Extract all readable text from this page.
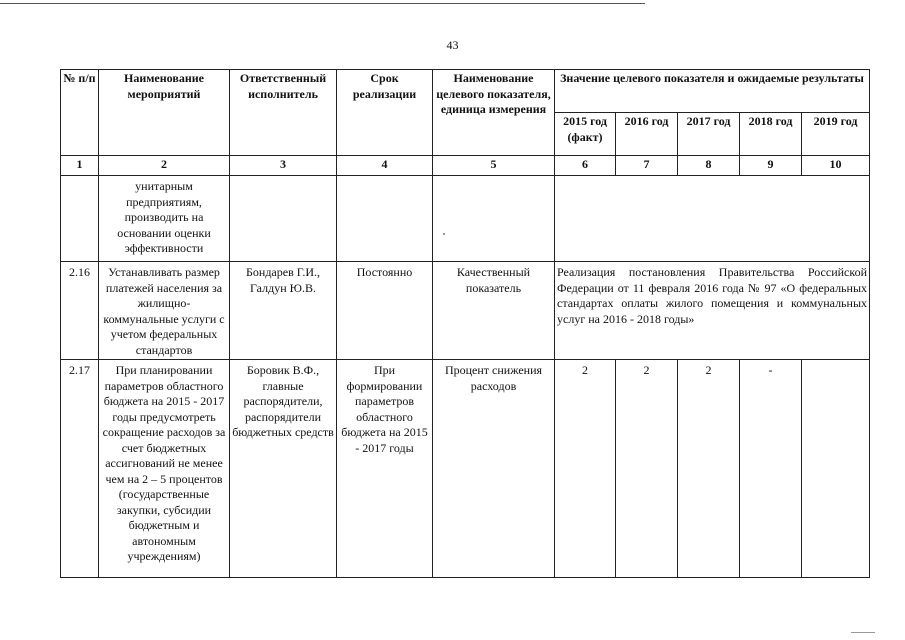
43
№ п/п	Наименование мероприятий	Ответственный исполнитель	Срок реализации	Наименование целевого показателя, единица измерения	Значение целевого показателя и ожидаемые результаты				
					2015 год (факт)	2016 год	2017 год	2018 год	2019 год
1	2	3	4	5	6	7	8	9	10
	унитарным предприятиям, производить на основании оценки эффективности							

2.16	Устанавливать размер платежей населения за жилищно-коммунальные услуги с учетом федеральных стандартов	Бондарев Г.И., Галдун Ю.В.	Постоянно	Качественный показатель	Реализация постановления Правительства Российской Федерации от 11 февраля 2016 года № 97 «О федеральных стандартах оплаты жилого помещения и коммунальных услуг на 2016 - 2018 годы»				
2.17	При планировании параметров областного бюджета на 2015 - 2017 годы предусмотреть сокращение расходов за счет бюджетных ассигнований не менее чем на 2 – 5 процентов (государственные закупки, субсидии бюджетным и автономным учреждениям)	Боровик В.Ф., главные распорядители, распорядители бюджетных средств	При формировании параметров областного бюджета на 2015 - 2017 годы	Процент снижения расходов	2	2	2	-	
